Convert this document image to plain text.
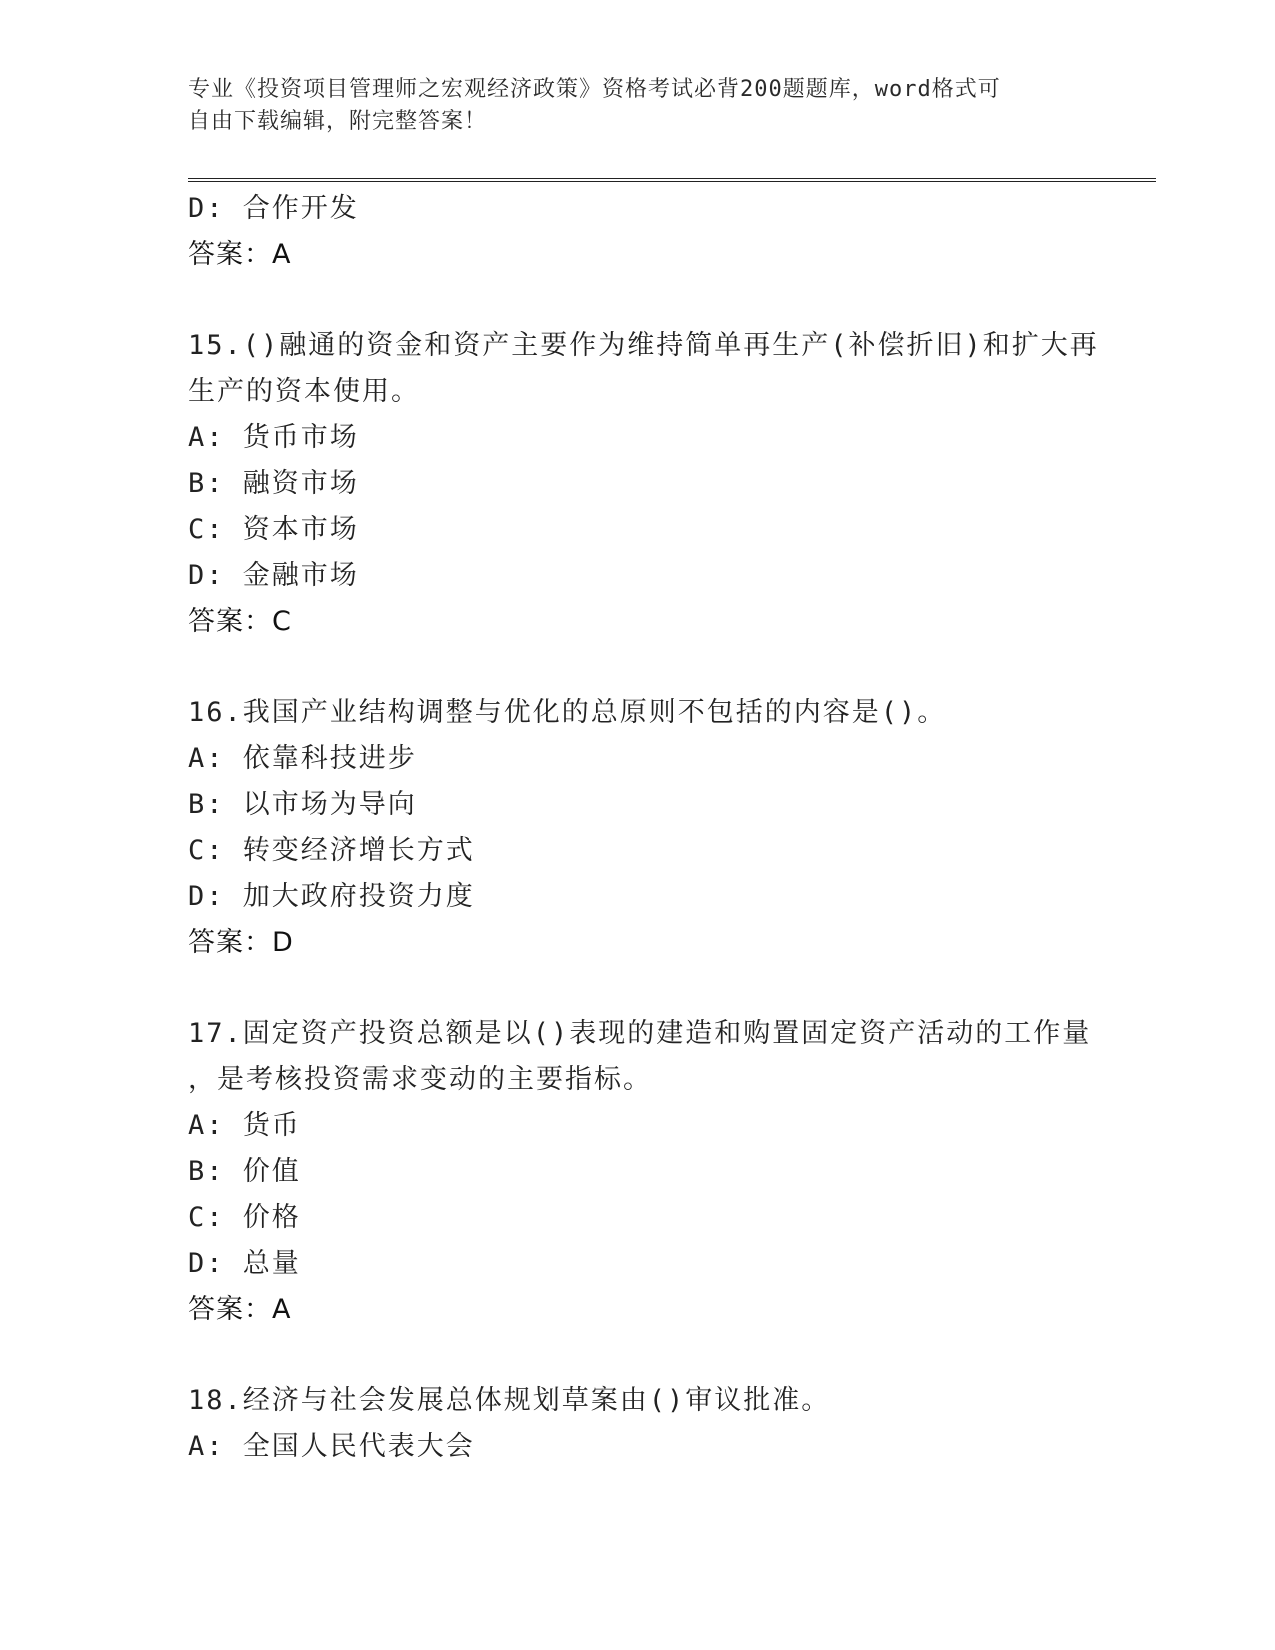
专业《投资项目管理师之宏观经济政策》资格考试必背200题题库，word格式可
自由下载编辑，附完整答案！
D: 合作开发
答案：A
15.()融通的资金和资产主要作为维持简单再生产(补偿折旧)和扩大再
生产的资本使用。
A: 货币市场
B: 融资市场
C: 资本市场
D: 金融市场
答案：C
16.我国产业结构调整与优化的总原则不包括的内容是()。
A: 依靠科技进步
B: 以市场为导向
C: 转变经济增长方式
D: 加大政府投资力度
答案：D
17.固定资产投资总额是以()表现的建造和购置固定资产活动的工作量
，是考核投资需求变动的主要指标。
A: 货币
B: 价值
C: 价格
D: 总量
答案：A
18.经济与社会发展总体规划草案由()审议批准。
A: 全国人民代表大会
